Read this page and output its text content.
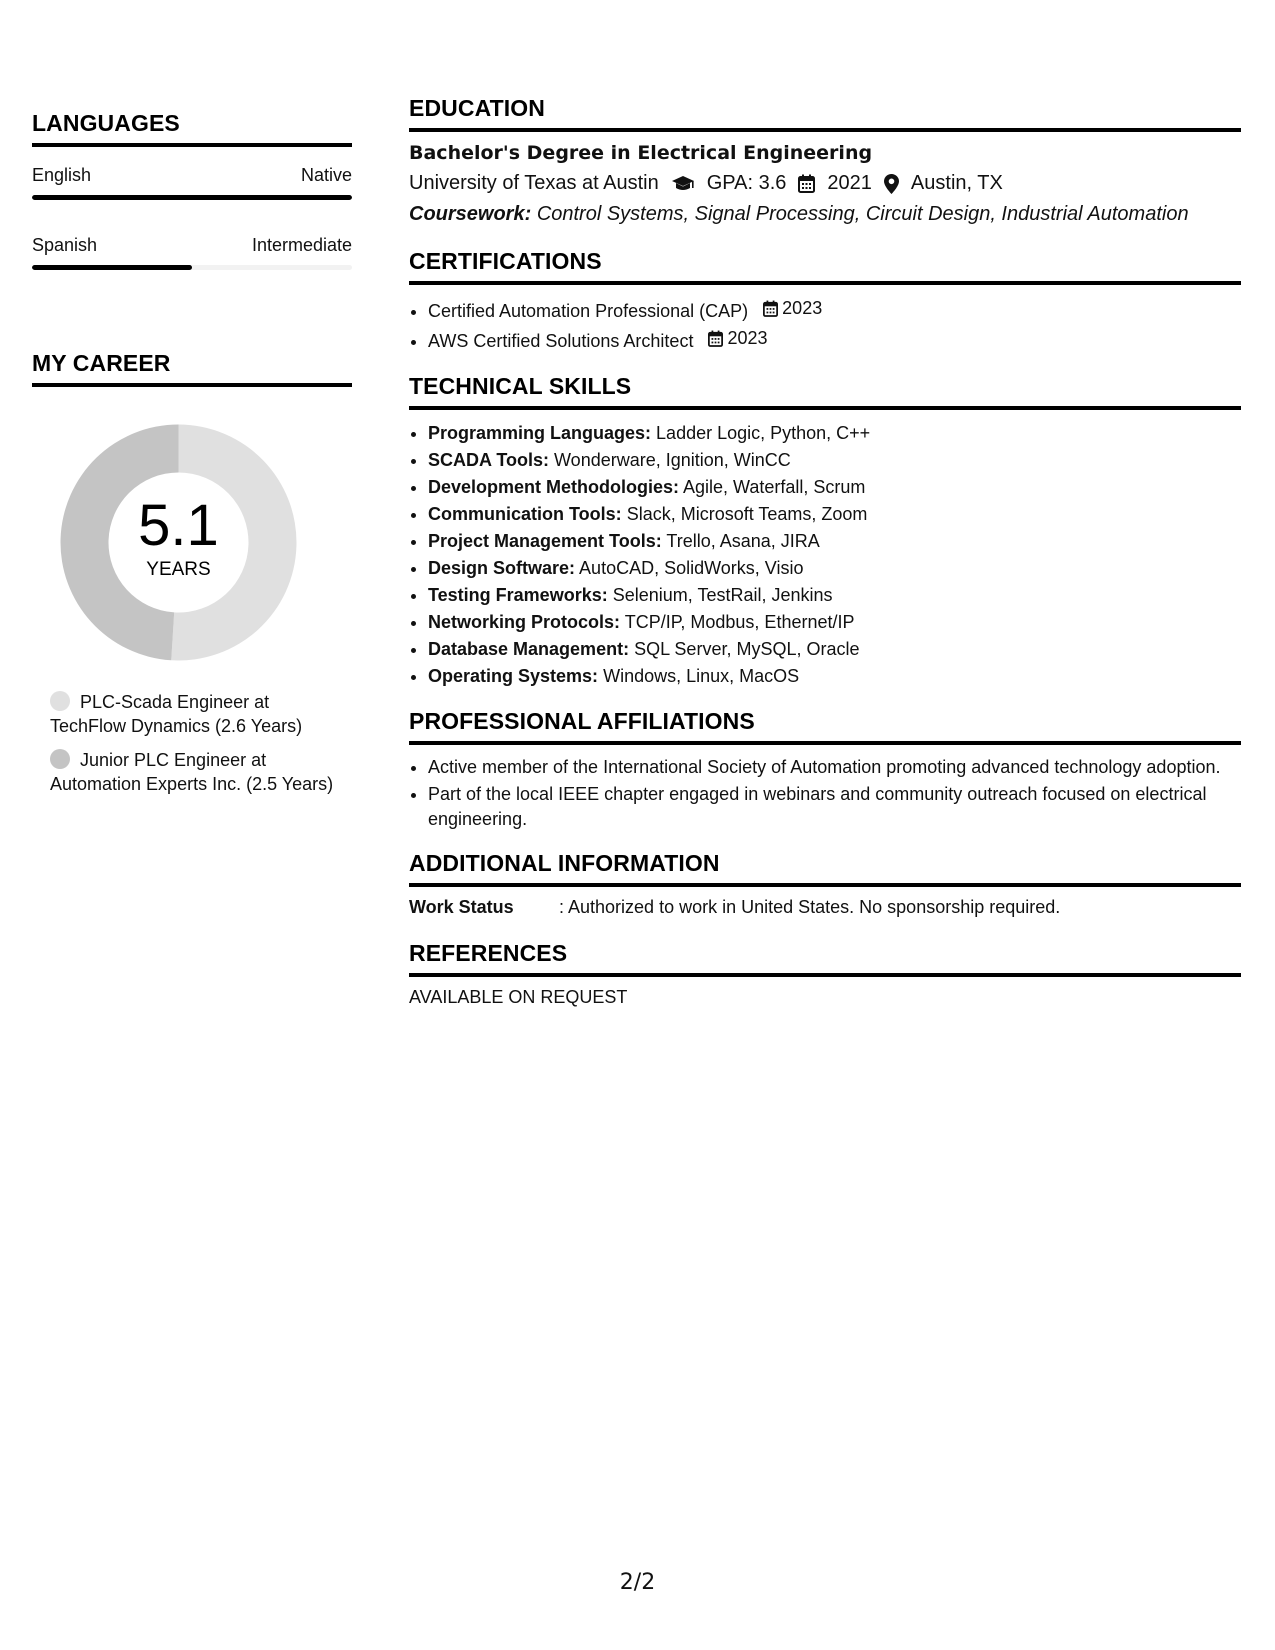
LANGUAGES
English	Native
Spanish	Intermediate
MY CAREER
5.1
YEARS
PLC-Scada Engineer at TechFlow Dynamics (2.6 Years)
Junior PLC Engineer at Automation Experts Inc. (2.5 Years)
EDUCATION
Bachelor's Degree in Electrical Engineering
University of Texas at Austin GPA: 3.6 2021 Austin, TX
Coursework: Control Systems, Signal Processing, Circuit Design, Industrial Automation
CERTIFICATIONS
• Certified Automation Professional (CAP) 2023
• AWS Certified Solutions Architect 2023
TECHNICAL SKILLS
• Programming Languages: Ladder Logic, Python, C++
• SCADA Tools: Wonderware, Ignition, WinCC
• Development Methodologies: Agile, Waterfall, Scrum
• Communication Tools: Slack, Microsoft Teams, Zoom
• Project Management Tools: Trello, Asana, JIRA
• Design Software: AutoCAD, SolidWorks, Visio
• Testing Frameworks: Selenium, TestRail, Jenkins
• Networking Protocols: TCP/IP, Modbus, Ethernet/IP
• Database Management: SQL Server, MySQL, Oracle
• Operating Systems: Windows, Linux, MacOS
PROFESSIONAL AFFILIATIONS
• Active member of the International Society of Automation promoting advanced technology adoption.
• Part of the local IEEE chapter engaged in webinars and community outreach focused on electrical engineering.
ADDITIONAL INFORMATION
Work Status	: Authorized to work in United States. No sponsorship required.
REFERENCES
AVAILABLE ON REQUEST
2/2
